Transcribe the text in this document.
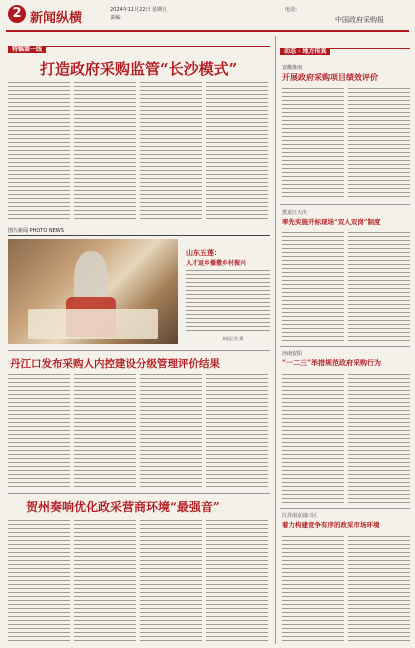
2 新闻纵横
2024年11月22日 星期五
责编：
电话：
中国政府采购报
特稿第一线
打造政府采购监管“长沙模式”
图片新闻 PHOTO NEWS
山东五莲：
人才返乡播撒乡村振兴
本报记者 摄
丹江口发布采购人内控建设分级管理评价结果
贺州奏响优化政采营商环境“最强音”
动态 · 地方传真
安徽淮南
开展政府采购项目绩效评价
黑龙江大庆
率先实施开标现场“双人双岗”制度
河南安阳
“一二三”举措规范政府采购行为
江苏南京浦口区
着力构建竞争有序的政采市场环境
